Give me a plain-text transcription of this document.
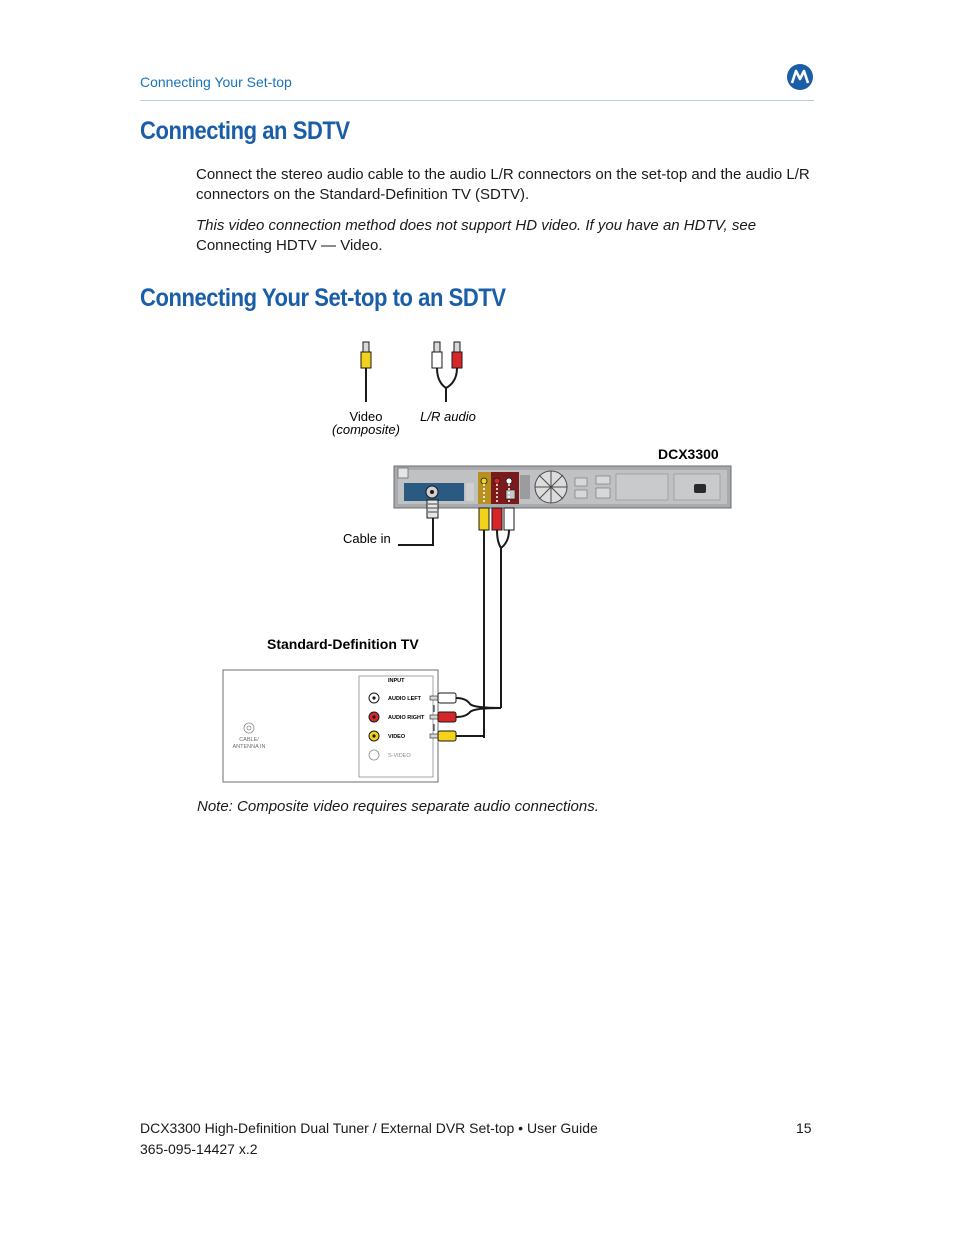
Connecting Your Set-top
Connecting an SDTV

Connect the stereo audio cable to the audio L/R connectors on the set-top and the audio L/R connectors on the Standard-Definition TV (SDTV).

This video connection method does not support HD video. If you have an HDTV, see Connecting HDTV — Video.

Connecting Your Set-top to an SDTV
Video
(composite)
L/R audio
DCX3300
Cable in
Standard-Definition TV
INPUT
AUDIO LEFT
AUDIO RIGHT
VIDEO
S-VIDEO
CABLE/
ANTENNA IN
Note: Composite video requires separate audio connections.
DCX3300 High-Definition Dual Tuner / External DVR Set-top • User Guide
365-095-14427 x.2
15
